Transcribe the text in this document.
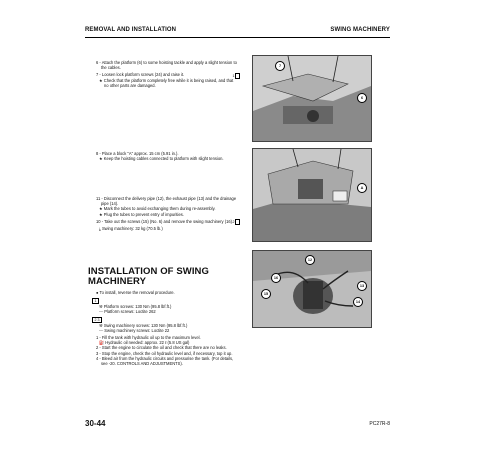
REMOVAL AND INSTALLATION	SWING MACHINERY

6 - Attach the platform (6) to some hoisting tackle and apply a slight tension to the cables.

1
7 - Loosen lock platform screws (24) and raise it.

★ Check that the platform completely free while it is being raised, and that no other parts are damaged.

8 - Place a block "A" approx. 15 cm (5.91 in.).

★ Keep the hoisting cables connected to platform with slight tension.

11 - Disconnect the delivery pipe (12), the exhaust pipe (13) and the drainage pipe (14).

★ Mark the tubes to avoid exchanging them during re-assembly.

★ Plug the tubes to prevent entry of impurities.

2
10 - Take out the screws (15) (No. 6) and remove the swing machinery (16).

⤓ Swing machinery: 32 kg (70.5 lb.)

INSTALLATION OF SWING MACHINERY

● To install, reverse the removal procedure.

1

⚒ Platform screws: 130 Nm (95.8 lbf.ft.)

〰 Platform screws: Loctite 262

2 3

⚒ Swing machinery screws: 130 Nm (95.8 lbf.ft.)

〰 Swing machinery screws: Loctite 22

1 - Fill the tank with hydraulic oil up to the maximum level.

⛽ Hydraulic oil needed: approx. 22 ℓ (5.8 US gal)

2 - Start the engine to circulate the oil and check that there are no leaks.

3 - Stop the engine, check the oil hydraulic level and, if necessary, top it up.

4 - Bleed air from the hydraulic circuits and pressurise the tank. (For details, see -20. CONTROLS AND ADJUSTMENTS).

7
6
A
12
13
16
15
14
30-44	PC27R-8
